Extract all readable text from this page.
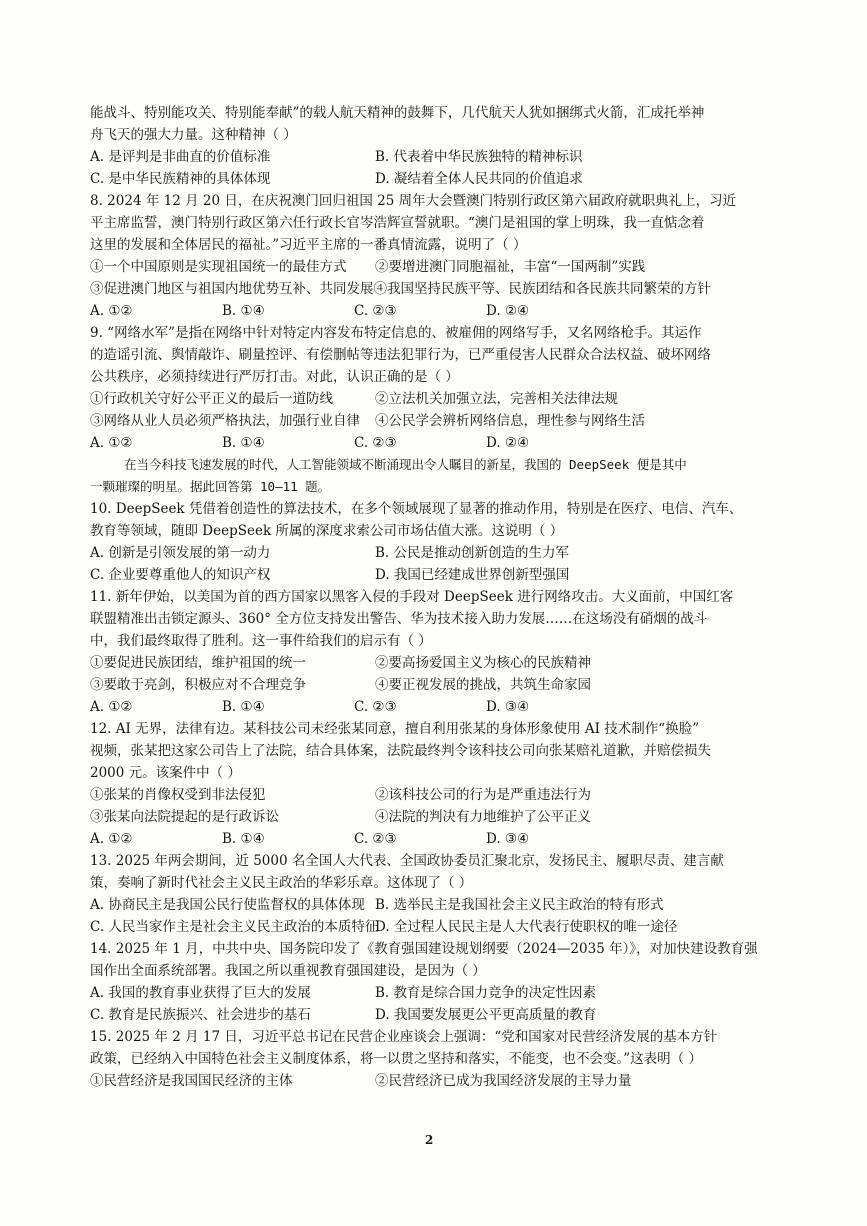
能战斗、特别能攻关、特别能奉献”的载人航天精神的鼓舞下，几代航天人犹如捆绑式火箭，汇成托举神
舟飞天的强大力量。这种精神（ ）
A. 是评判是非曲直的价值标准	B. 代表着中华民族独特的精神标识
C. 是中华民族精神的具体体现	D. 凝结着全体人民共同的价值追求
8. 2024 年 12 月 20 日，在庆祝澳门回归祖国 25 周年大会暨澳门特别行政区第六届政府就职典礼上，习近
平主席监誓，澳门特别行政区第六任行政长官岑浩辉宣誓就职。“澳门是祖国的掌上明珠，我一直惦念着
这里的发展和全体居民的福祉。”习近平主席的一番真情流露，说明了（ ）
①一个中国原则是实现祖国统一的最佳方式	②要增进澳门同胞福祉，丰富“一国两制”实践
③促进澳门地区与祖国内地优势互补、共同发展④我国坚持民族平等、民族团结和各民族共同繁荣的方针
A. ①②	B. ①④	C. ②③	D. ②④
9. “网络水军”是指在网络中针对特定内容发布特定信息的、被雇佣的网络写手，又名网络枪手。其运作
的造谣引流、舆情敲诈、刷量控评、有偿删帖等违法犯罪行为，已严重侵害人民群众合法权益、破坏网络
公共秩序，必须持续进行严厉打击。对此，认识正确的是（ ）
①行政机关守好公平正义的最后一道防线	②立法机关加强立法，完善相关法律法规
③网络从业人员必须严格执法，加强行业自律	④公民学会辨析网络信息，理性参与网络生活
A. ①②	B. ①④	C. ②③	D. ②④
在当今科技飞速发展的时代，人工智能领域不断涌现出令人瞩目的新星，我国的 DeepSeek 便是其中
一颗璀璨的明星。据此回答第 10—11 题。
10. DeepSeek 凭借着创造性的算法技术，在多个领域展现了显著的推动作用，特别是在医疗、电信、汽车、
教育等领域，随即 DeepSeek 所属的深度求索公司市场估值大涨。这说明（ ）
A. 创新是引领发展的第一动力	B. 公民是推动创新创造的生力军
C. 企业要尊重他人的知识产权	D. 我国已经建成世界创新型强国
11. 新年伊始，以美国为首的西方国家以黑客入侵的手段对 DeepSeek 进行网络攻击。大义面前，中国红客
联盟精准出击锁定源头、360° 全方位支持发出警告、华为技术接入助力发展……在这场没有硝烟的战斗
中，我们最终取得了胜利。这一事件给我们的启示有（ ）
①要促进民族团结，维护祖国的统一	②要高扬爱国主义为核心的民族精神
③要敢于亮剑，积极应对不合理竞争	④要正视发展的挑战，共筑生命家园
A. ①②	B. ①④	C. ②③	D. ③④
12. AI 无界，法律有边。某科技公司未经张某同意，擅自利用张某的身体形象使用 AI 技术制作“换脸”
视频，张某把这家公司告上了法院，结合具体案，法院最终判令该科技公司向张某赔礼道歉，并赔偿损失
2000 元。该案件中（ ）
①张某的肖像权受到非法侵犯	②该科技公司的行为是严重违法行为
③张某向法院提起的是行政诉讼	④法院的判决有力地维护了公平正义
A. ①②	B. ①④	C. ②③	D. ③④
13. 2025 年两会期间，近 5000 名全国人大代表、全国政协委员汇聚北京，发扬民主、履职尽责、建言献
策，奏响了新时代社会主义民主政治的华彩乐章。这体现了（ ）
A. 协商民主是我国公民行使监督权的具体体现 B. 选举民主是我国社会主义民主政治的特有形式
C. 人民当家作主是社会主义民主政治的本质特征
D. 全过程人民民主是人大代表行使职权的唯一途径
14. 2025 年 1 月，中共中央、国务院印发了《教育强国建设规划纲要（2024—2035 年）》，对加快建设教育强
国作出全面系统部署。我国之所以重视教育强国建设，是因为（ ）
A. 我国的教育事业获得了巨大的发展	B. 教育是综合国力竞争的决定性因素
C. 教育是民族振兴、社会进步的基石	D. 我国要发展更公平更高质量的教育
15. 2025 年 2 月 17 日，习近平总书记在民营企业座谈会上强调：“党和国家对民营经济发展的基本方针
政策，已经纳入中国特色社会主义制度体系，将一以贯之坚持和落实，不能变，也不会变。”这表明（ ）
①民营经济是我国国民经济的主体	②民营经济已成为我国经济发展的主导力量
2
